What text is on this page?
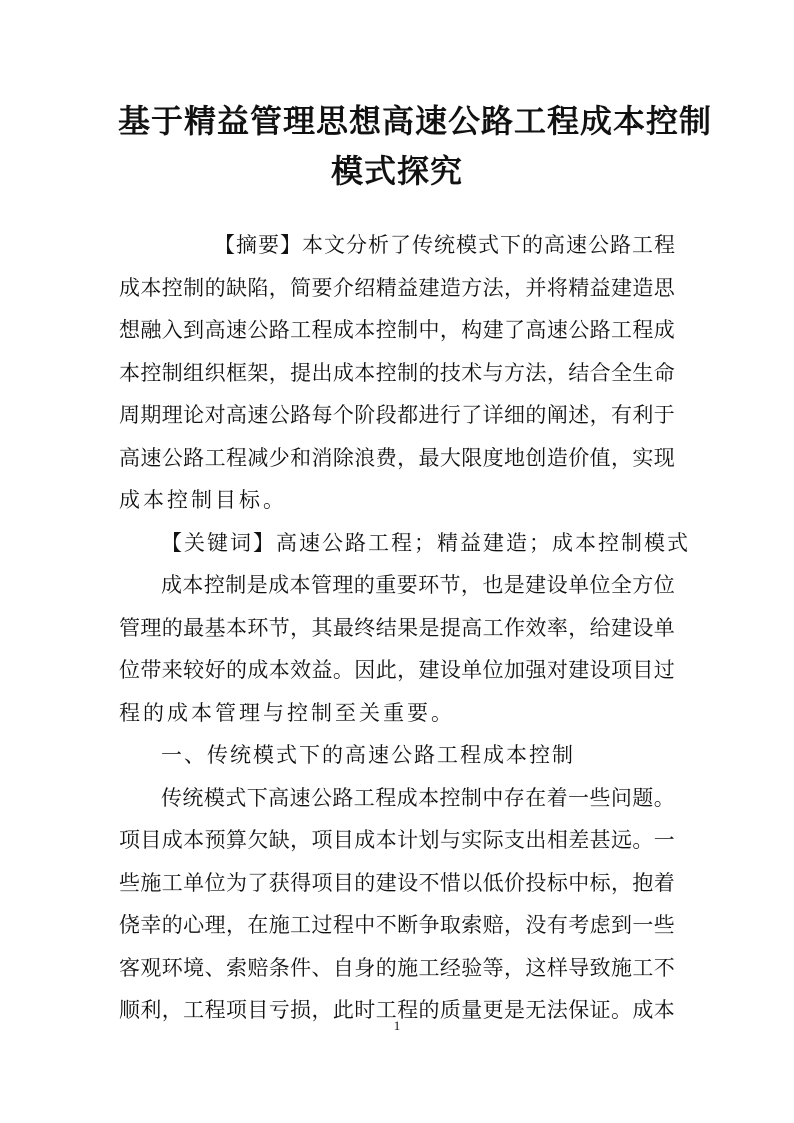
基于精益管理思想高速公路工程成本控制
模式探究
【 摘 要 】 本 文 分 析 了 传 统 模 式 下 的 高 速 公 路 工 程
成 本 控 制 的 缺 陷 ， 简 要 介 绍 精 益 建 造 方 法 ， 并 将 精 益 建 造 思
想 融 入 到 高 速 公 路 工 程 成 本 控 制 中 ， 构 建 了 高 速 公 路 工 程 成
本 控 制 组 织 框 架 ， 提 出 成 本 控 制 的 技 术 与 方 法 ， 结 合 全 生 命
周 期 理 论 对 高 速 公 路 每 个 阶 段 都 进 行 了 详 细 的 阐 述 ， 有 利 于
高 速 公 路 工 程 减 少 和 消 除 浪 费 ， 最 大 限 度 地 创 造 价 值 ， 实 现
成本控制目标。
【关键词】高速公路工程；精益建造；成本控制模式
成 本 控 制 是 成 本 管 理 的 重 要 环 节 ， 也 是 建 设 单 位 全 方 位
管 理 的 最 基 本 环 节 ， 其 最 终 结 果 是 提 高 工 作 效 率 ， 给 建 设 单
位 带 来 较 好 的 成 本 效 益 。 因 此 ， 建 设 单 位 加 强 对 建 设 项 目 过
程的成本管理与控制至关重要。
一、传统模式下的高速公路工程成本控制
传 统 模 式 下 高 速 公 路 工 程 成 本 控 制 中 存 在 着 一 些 问 题 。
项 目 成 本 预 算 欠 缺 ， 项 目 成 本 计 划 与 实 际 支 出 相 差 甚 远 。 一
些 施 工 单 位 为 了 获 得 项 目 的 建 设 不 惜 以 低 价 投 标 中 标 ， 抱 着
侥 幸 的 心 理 ， 在 施 工 过 程 中 不 断 争 取 索 赔 ， 没 有 考 虑 到 一 些
客 观 环 境 、 索 赔 条 件 、 自 身 的 施 工 经 验 等 ， 这 样 导 致 施 工 不
顺 利 ， 工 程 项 目 亏 损 ， 此 时 工 程 的 质 量 更 是 无 法 保 证 。 成 本
1
